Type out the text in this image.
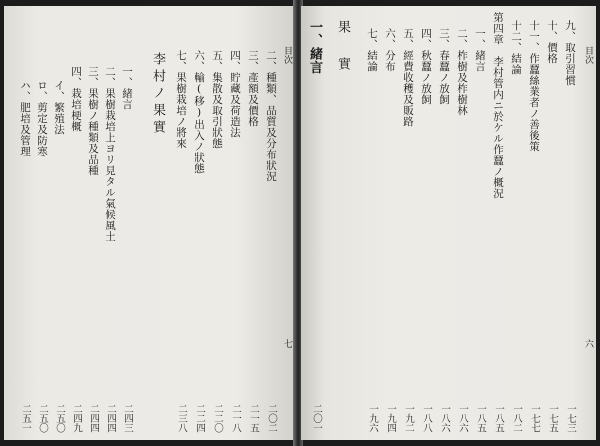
目次
七
二、種類、品質及分布狀況
二〇二
三、產額及價格
二一五
四、貯藏及荷造法
二一八
五、集散及取引狀態
二二〇
六、輸(移)出入ノ狀態
二二四
七、果樹栽培ノ將來
二三八
李村ノ果實
一、緒言
二四三
二、果樹栽培上ヨリ見タル氣候風土
二四四
三、果樹ノ種類及品種
二四四
四、栽培梗概
二四九
イ、繁殖法
二五〇
ロ、剪定及防寒
二五〇
ハ、肥培及管理
二五一
目次
六
九、取引習慣
一七三
十、價格
一七五
十一、作蠶絲業者ノ善後策
一七七
十二、結論
一八二
第四章　李村管内ニ於ケル作蠶ノ概況
一八五
一、緒言
一八五
二、柞樹及柞樹林
一八六
三、春蠶ノ放飼
一八六
四、秋蠶ノ放飼
一八八
五、經費收穫及販路
一九二
六、分布
一九四
七、結論
一九六
果實
一、緒言
二〇一
